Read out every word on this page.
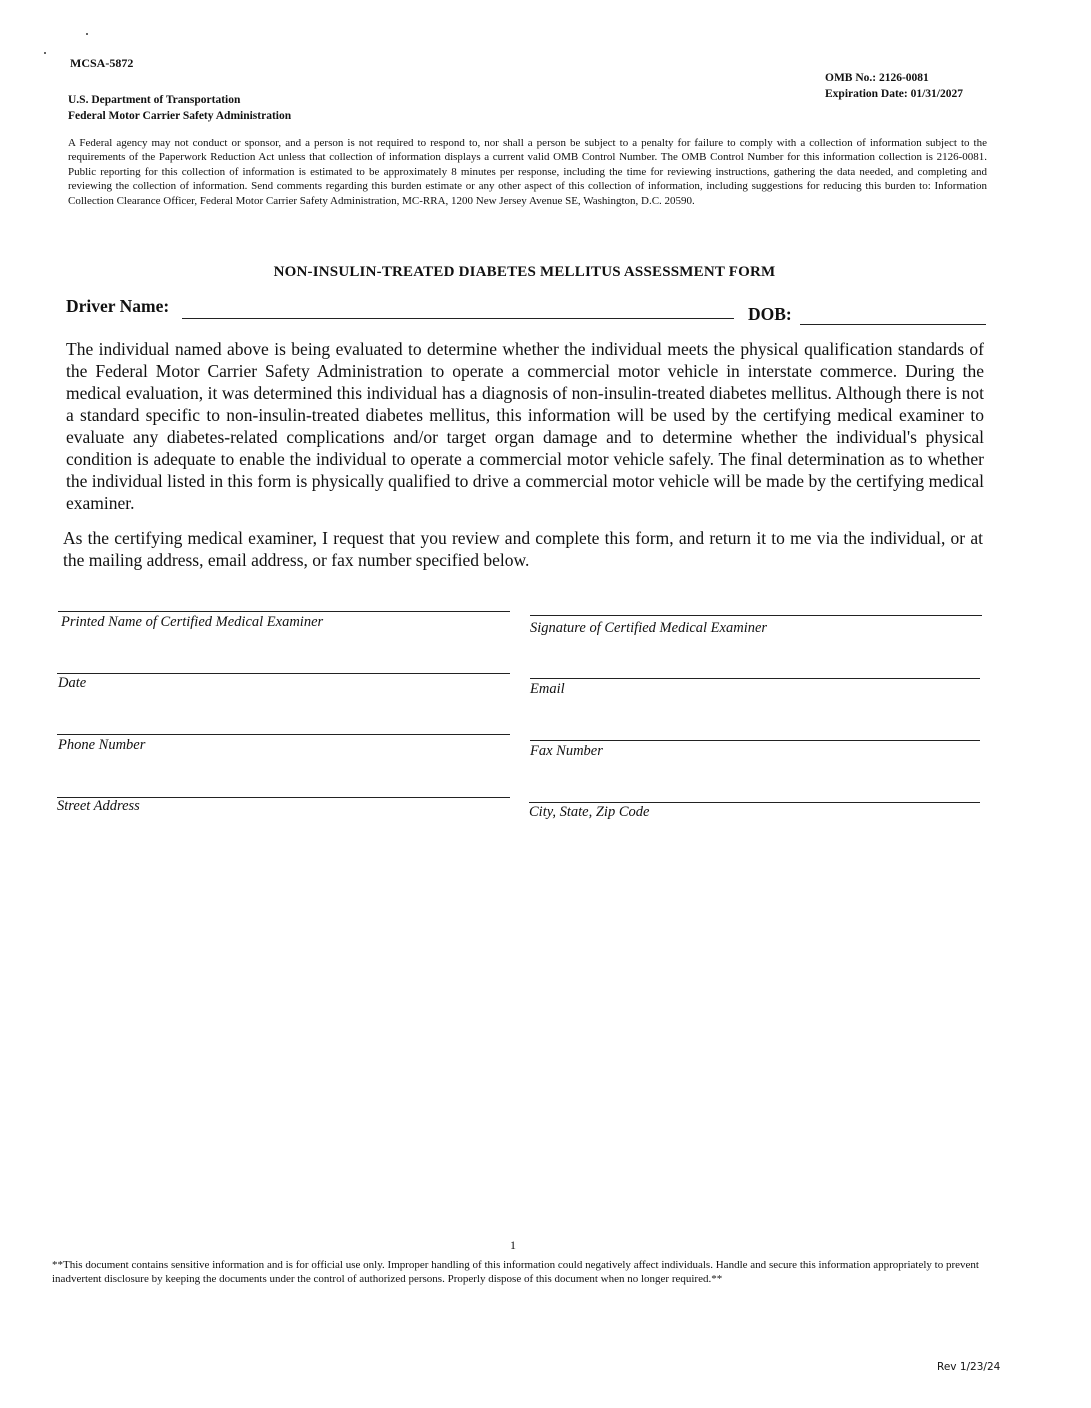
MCSA-5872
U.S. Department of Transportation
Federal Motor Carrier Safety Administration
OMB No.: 2126-0081
Expiration Date: 01/31/2027
A Federal agency may not conduct or sponsor, and a person is not required to respond to, nor shall a person be subject to a penalty for failure to comply with a collection of information subject to the requirements of the Paperwork Reduction Act unless that collection of information displays a current valid OMB Control Number. The OMB Control Number for this information collection is 2126-0081. Public reporting for this collection of information is estimated to be approximately 8 minutes per response, including the time for reviewing instructions, gathering the data needed, and completing and reviewing the collection of information. Send comments regarding this burden estimate or any other aspect of this collection of information, including suggestions for reducing this burden to: Information Collection Clearance Officer, Federal Motor Carrier Safety Administration, MC-RRA, 1200 New Jersey Avenue SE, Washington, D.C. 20590.
NON-INSULIN-TREATED DIABETES MELLITUS ASSESSMENT FORM
Driver Name:	DOB:
The individual named above is being evaluated to determine whether the individual meets the physical qualification standards of the Federal Motor Carrier Safety Administration to operate a commercial motor vehicle in interstate commerce. During the medical evaluation, it was determined this individual has a diagnosis of non-insulin-treated diabetes mellitus. Although there is not a standard specific to non-insulin-treated diabetes mellitus, this information will be used by the certifying medical examiner to evaluate any diabetes-related complications and/or target organ damage and to determine whether the individual's physical condition is adequate to enable the individual to operate a commercial motor vehicle safely. The final determination as to whether the individual listed in this form is physically qualified to drive a commercial motor vehicle will be made by the certifying medical examiner.
As the certifying medical examiner, I request that you review and complete this form, and return it to me via the individual, or at the mailing address, email address, or fax number specified below.
Printed Name of Certified Medical Examiner
Date
Phone Number
Street Address
Signature of Certified Medical Examiner
Email
Fax Number
City, State, Zip Code
1
**This document contains sensitive information and is for official use only. Improper handling of this information could negatively affect individuals. Handle and secure this information appropriately to prevent inadvertent disclosure by keeping the documents under the control of authorized persons. Properly dispose of this document when no longer required.**
Rev 1/23/24
